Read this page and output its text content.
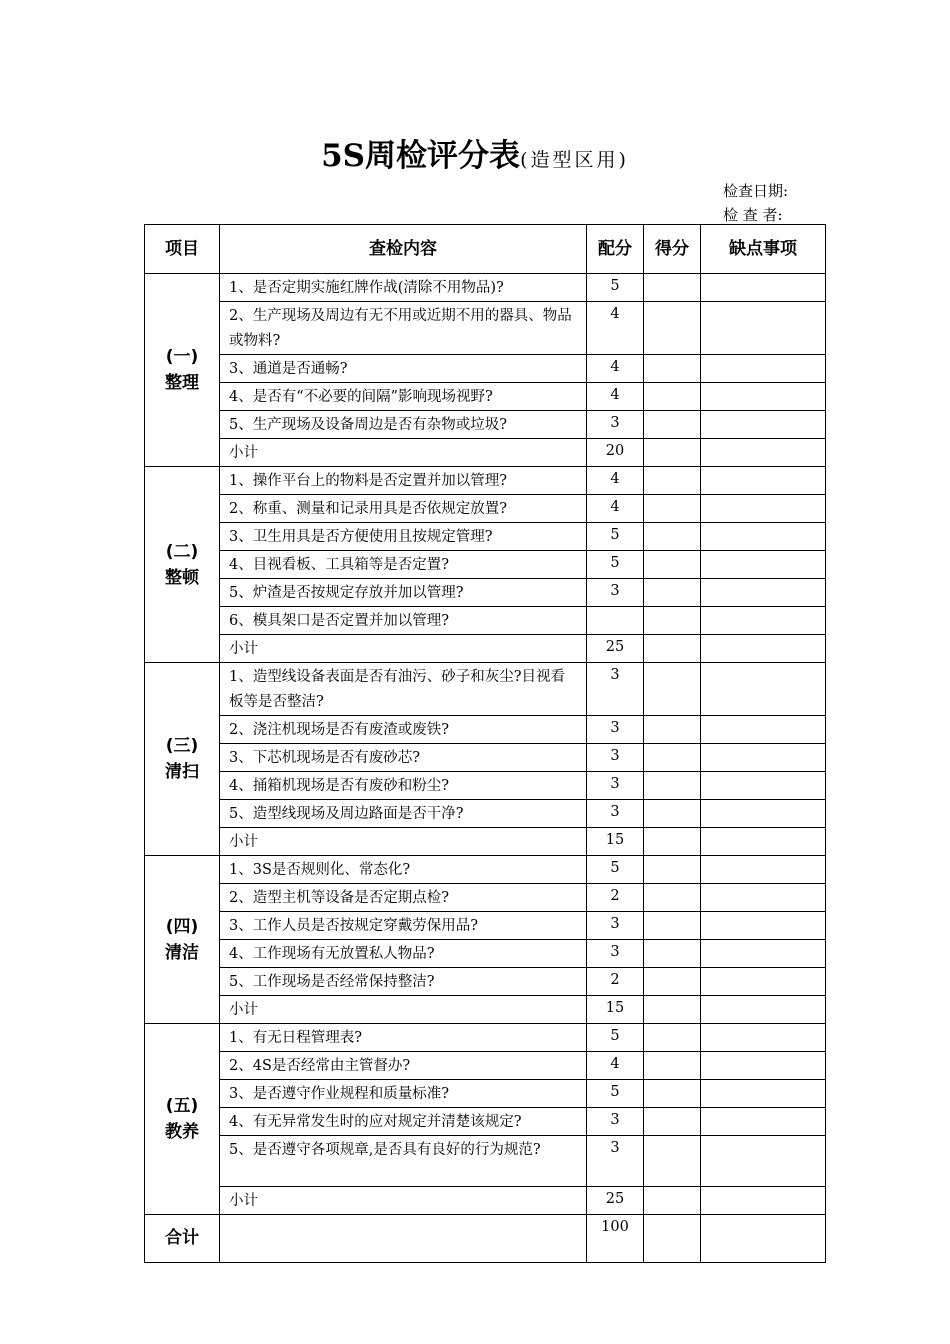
5S周检评分表(造型区用)
检查日期:
检 查 者:
项目	查检内容	配分	得分	缺点事项

(一)
整理	1、是否定期实施红牌作战(清除不用物品)?	5		
	2、生产现场及周边有无不用或近期不用的器具、物品或物料?	4		
	3、通道是否通畅?	4		
	4、是否有“不必要的间隔”影响现场视野?	4		
	5、生产现场及设备周边是否有杂物或垃圾?	3		
	小计	20		

(二)
整顿	1、操作平台上的物料是否定置并加以管理?	4		
	2、称重、测量和记录用具是否依规定放置?	4		
	3、卫生用具是否方便使用且按规定管理?	5		
	4、目视看板、工具箱等是否定置?	5		
	5、炉渣是否按规定存放并加以管理?	3		
	6、模具架口是否定置并加以管理?			
	小计	25		

(三)
清扫	1、造型线设备表面是否有油污、砂子和灰尘?目视看板等是否整洁?	3		
	2、浇注机现场是否有废渣或废铁?	3		
	3、下芯机现场是否有废砂芯?	3		
	4、捅箱机现场是否有废砂和粉尘?	3		
	5、造型线现场及周边路面是否干净?	3		
	小计	15		

(四)
清洁	1、3S是否规则化、常态化?	5		
	2、造型主机等设备是否定期点检?	2		
	3、工作人员是否按规定穿戴劳保用品?	3		
	4、工作现场有无放置私人物品?	3		
	5、工作现场是否经常保持整洁?	2		
	小计	15		

(五)
教养	1、有无日程管理表?	5		
	2、4S是否经常由主管督办?	4		
	3、是否遵守作业规程和质量标准?	5		
	4、有无异常发生时的应对规定并清楚该规定?	3		
	5、是否遵守各项规章,是否具有良好的行为规范?	3		
	小计	25		
合计		100		
